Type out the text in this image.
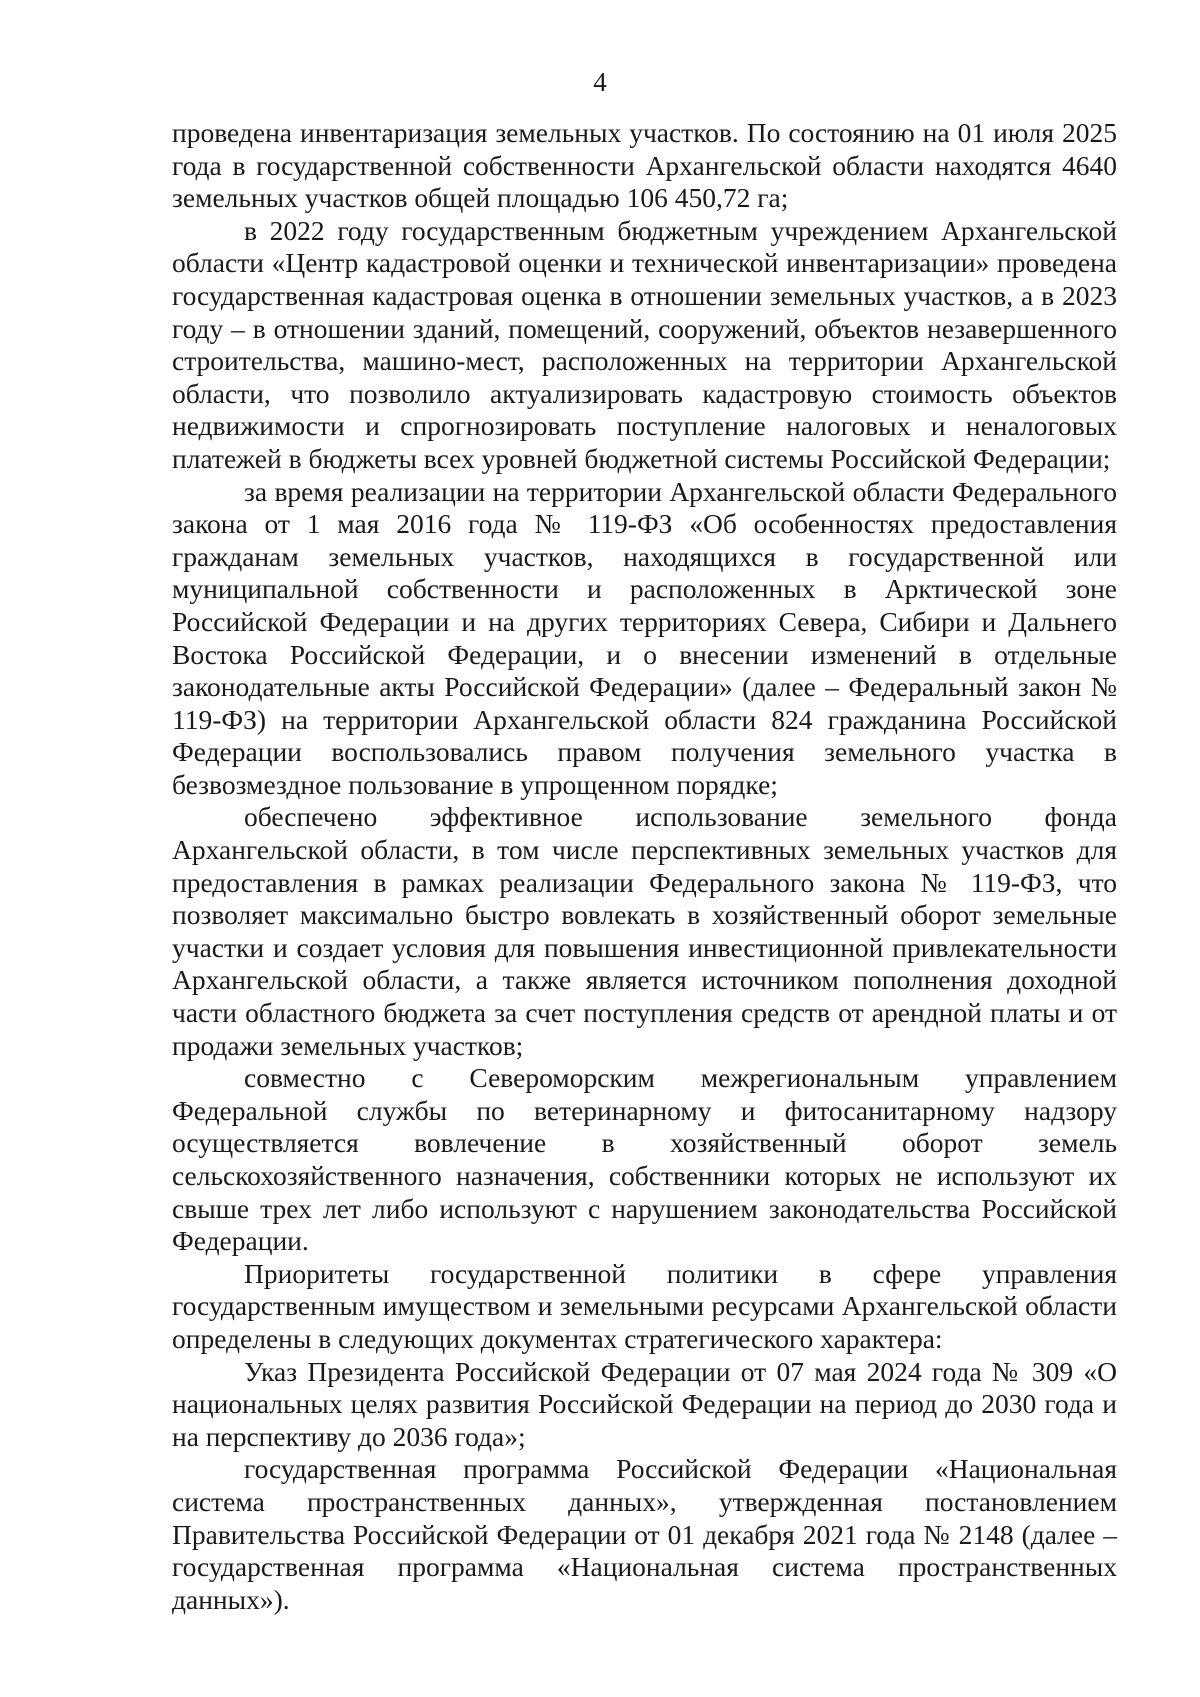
4

проведена инвентаризация земельных участков. По состоянию на 01 июля 2025 года в государственной собственности Архангельской области находятся 4640 земельных участков общей площадью 106 450,72 га;

в 2022 году государственным бюджетным учреждением Архангельской области «Центр кадастровой оценки и технической инвентаризации» проведена государственная кадастровая оценка в отношении земельных участков, а в 2023 году – в отношении зданий, помещений, сооружений, объектов незавершенного строительства, машино-мест, расположенных на территории Архангельской области, что позволило актуализировать кадастровую стоимость объектов недвижимости и спрогнозировать поступление налоговых и неналоговых платежей в бюджеты всех уровней бюджетной системы Российской Федерации;

за время реализации на территории Архангельской области Федерального закона от 1 мая 2016 года № 119-ФЗ «Об особенностях предоставления гражданам земельных участков, находящихся в государственной или муниципальной собственности и расположенных в Арктической зоне Российской Федерации и на других территориях Севера, Сибири и Дальнего Востока Российской Федерации, и о внесении изменений в отдельные законодательные акты Российской Федерации» (далее – Федеральный закон № 119-ФЗ) на территории Архангельской области 824 гражданина Российской Федерации воспользовались правом получения земельного участка в безвозмездное пользование в упрощенном порядке;

обеспечено эффективное использование земельного фонда Архангельской области, в том числе перспективных земельных участков для предоставления в рамках реализации Федерального закона № 119-ФЗ, что позволяет максимально быстро вовлекать в хозяйственный оборот земельные участки и создает условия для повышения инвестиционной привлекательности Архангельской области, а также является источником пополнения доходной части областного бюджета за счет поступления средств от арендной платы и от продажи земельных участков;

совместно с Североморским межрегиональным управлением Федеральной службы по ветеринарному и фитосанитарному надзору осуществляется вовлечение в хозяйственный оборот земель сельскохозяйственного назначения, собственники которых не используют их свыше трех лет либо используют с нарушением законодательства Российской Федерации.

Приоритеты государственной политики в сфере управления государственным имуществом и земельными ресурсами Архангельской области определены в следующих документах стратегического характера:

Указ Президента Российской Федерации от 07 мая 2024 года № 309 «О национальных целях развития Российской Федерации на период до 2030 года и на перспективу до 2036 года»;

государственная программа Российской Федерации «Национальная система пространственных данных», утвержденная постановлением Правительства Российской Федерации от 01 декабря 2021 года № 2148 (далее – государственная программа «Национальная система пространственных данных»).
